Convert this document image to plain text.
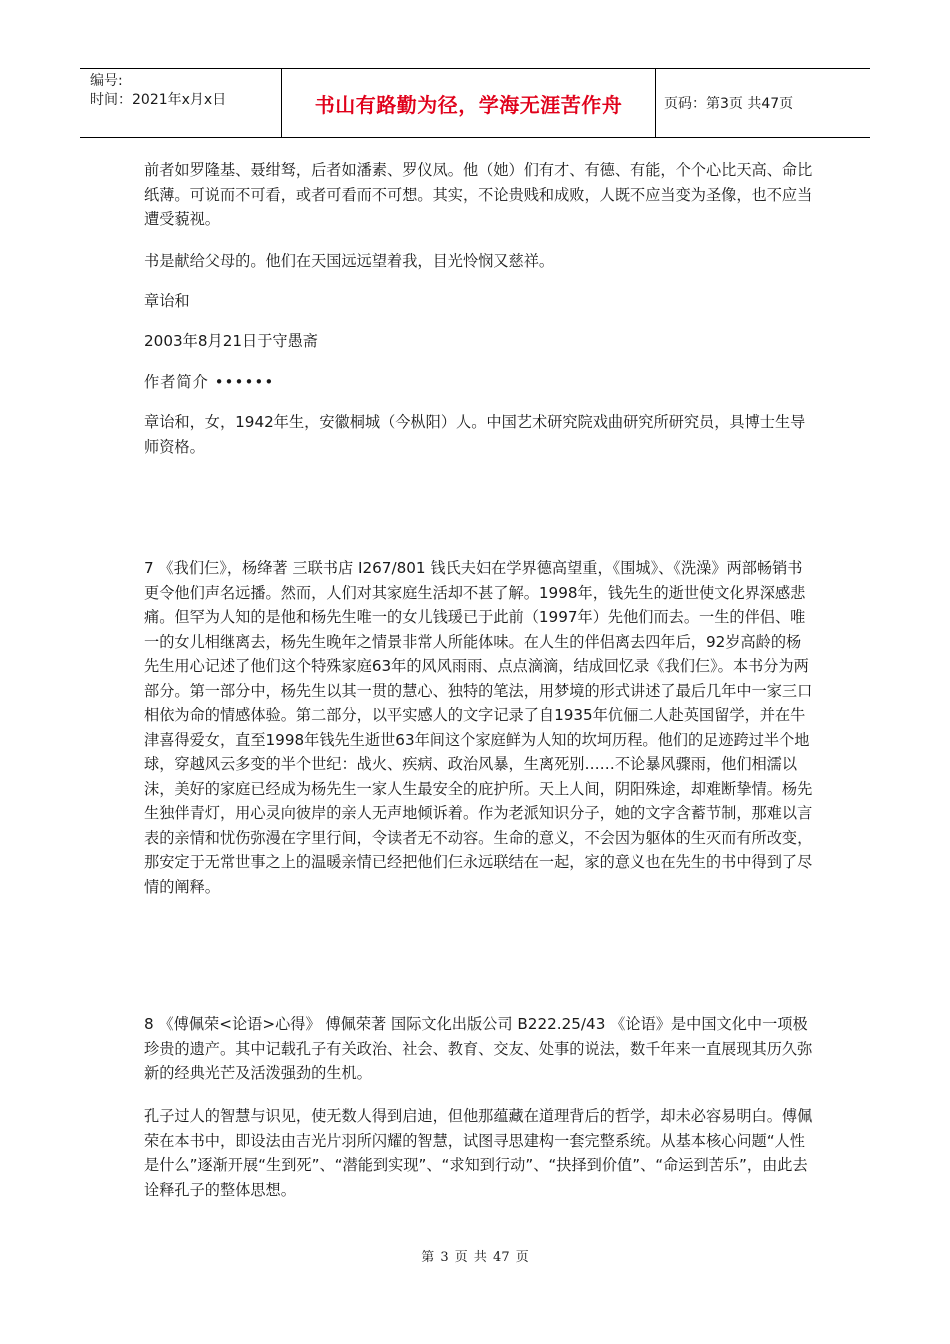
编号:
时间：2021年x月x日	书山有路勤为径，学海无涯苦作舟	页码：第3页 共47页

前者如罗隆基、聂绀驽，后者如潘素、罗仪凤。他（她）们有才、有德、有能，个个心比天高、命比纸薄。可说而不可看，或者可看而不可想。其实，不论贵贱和成败，人既不应当变为圣像，也不应当遭受藐视。

书是献给父母的。他们在天国远远望着我，目光怜悯又慈祥。

章诒和

2003年8月21日于守愚斋

作者简介 ••••••

章诒和，女，1942年生，安徽桐城（今枞阳）人。中国艺术研究院戏曲研究所研究员，具博士生导师资格。

7 《我们仨》，杨绛著 三联书店 I267/801 钱氏夫妇在学界德高望重，《围城》、《洗澡》两部畅销书更令他们声名远播。然而，人们对其家庭生活却不甚了解。1998年，钱先生的逝世使文化界深感悲痛。但罕为人知的是他和杨先生唯一的女儿钱瑗已于此前（1997年）先他们而去。一生的伴侣、唯一的女儿相继离去，杨先生晚年之情景非常人所能体味。在人生的伴侣离去四年后，92岁高龄的杨先生用心记述了他们这个特殊家庭63年的风风雨雨、点点滴滴，结成回忆录《我们仨》。本书分为两部分。第一部分中，杨先生以其一贯的慧心、独特的笔法，用梦境的形式讲述了最后几年中一家三口相依为命的情感体验。第二部分，以平实感人的文字记录了自1935年伉俪二人赴英国留学，并在牛津喜得爱女，直至1998年钱先生逝世63年间这个家庭鲜为人知的坎坷历程。他们的足迹跨过半个地球，穿越风云多变的半个世纪：战火、疾病、政治风暴，生离死别……不论暴风骤雨，他们相濡以沫，美好的家庭已经成为杨先生一家人生最安全的庇护所。天上人间，阴阳殊途，却难断挚情。杨先生独伴青灯，用心灵向彼岸的亲人无声地倾诉着。作为老派知识分子，她的文字含蓄节制，那难以言表的亲情和忧伤弥漫在字里行间，令读者无不动容。生命的意义，不会因为躯体的生灭而有所改变，那安定于无常世事之上的温暖亲情已经把他们仨永远联结在一起，家的意义也在先生的书中得到了尽情的阐释。

8 《傅佩荣<论语>心得》 傅佩荣著 国际文化出版公司 B222.25/43 《论语》是中国文化中一项极珍贵的遗产。其中记载孔子有关政治、社会、教育、交友、处事的说法，数千年来一直展现其历久弥新的经典光芒及活泼强劲的生机。

孔子过人的智慧与识见，使无数人得到启迪，但他那蕴藏在道理背后的哲学，却未必容易明白。傅佩荣在本书中，即设法由吉光片羽所闪耀的智慧，试图寻思建构一套完整系统。从基本核心问题“人性是什么”逐渐开展“生到死”、“潜能到实现”、“求知到行动”、“抉择到价值”、“命运到苦乐”，由此去诠释孔子的整体思想。

第 3 页 共 47 页
